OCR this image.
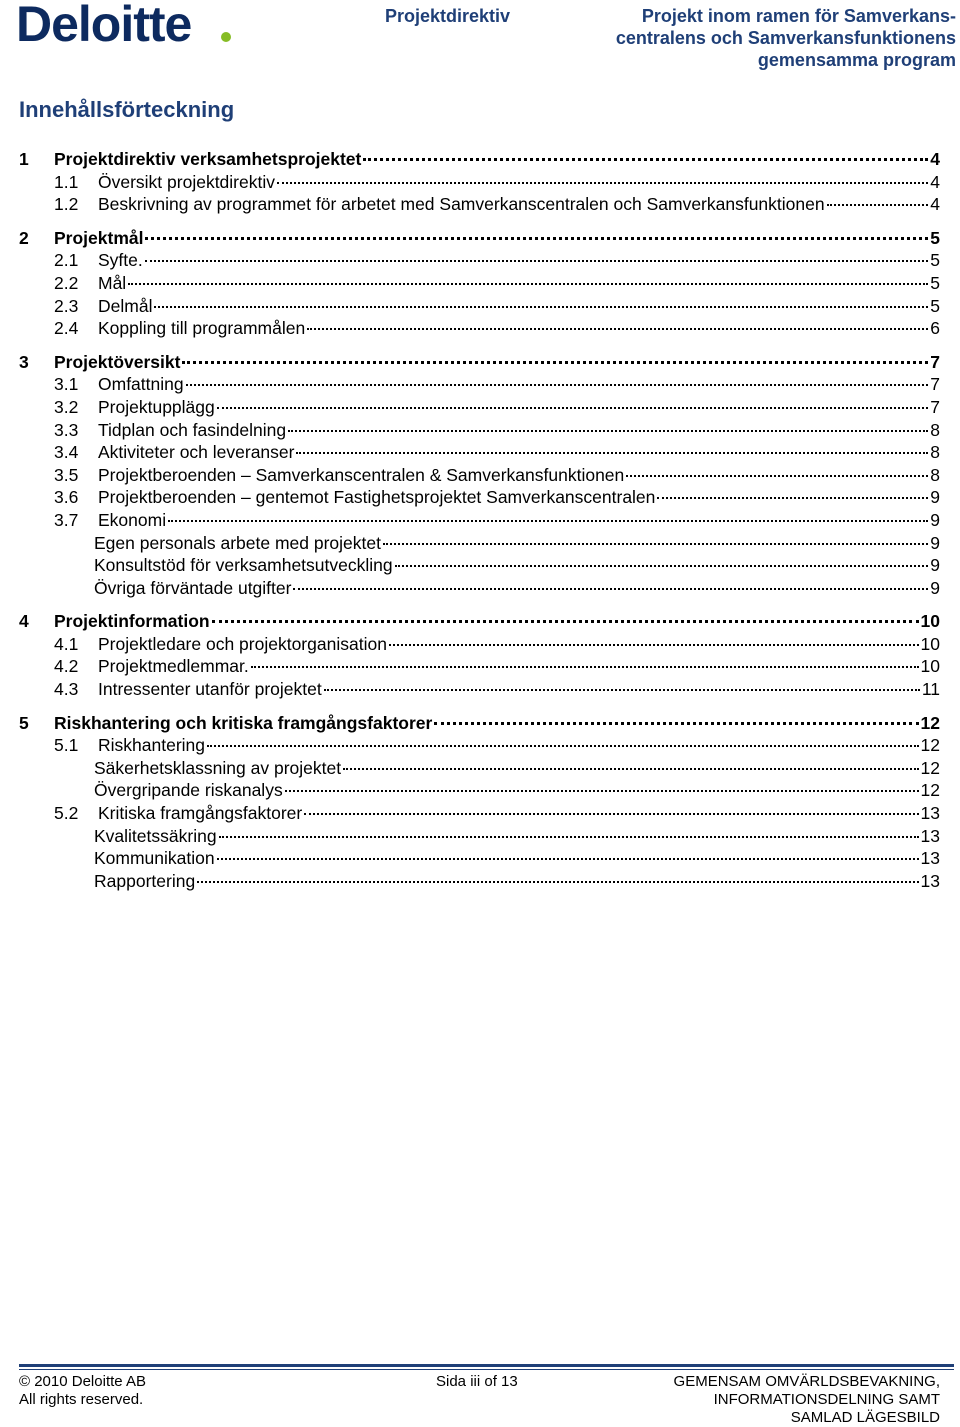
Deloitte	Projektdirektiv	Projekt inom ramen för Samverkans-
centralens och Samverkansfunktionens
gemensamma program
Innehållsförteckning
1	Projektdirektiv verksamhetsprojektet	4
1.1	Översikt projektdirektiv	4
1.2	Beskrivning av programmet för arbetet med Samverkanscentralen och Samverkansfunktionen	4
2	Projektmål	5
2.1	Syfte.	5
2.2	Mål	5
2.3	Delmål	5
2.4	Koppling till programmålen	6
3	Projektöversikt	7
3.1	Omfattning	7
3.2	Projektupplägg	7
3.3	Tidplan och fasindelning	8
3.4	Aktiviteter och leveranser	8
3.5	Projektberoenden – Samverkanscentralen & Samverkansfunktionen	8
3.6	Projektberoenden – gentemot Fastighetsprojektet Samverkanscentralen	9
3.7	Ekonomi	9
Egen personals arbete med projektet	9
Konsultstöd för verksamhetsutveckling	9
Övriga förväntade utgifter	9
4	Projektinformation	10
4.1	Projektledare och projektorganisation	10
4.2	Projektmedlemmar.	10
4.3	Intressenter utanför projektet	11
5	Riskhantering och kritiska framgångsfaktorer	12
5.1	Riskhantering	12
Säkerhetsklassning av projektet	12
Övergripande riskanalys	12
5.2	Kritiska framgångsfaktorer	13
Kvalitetssäkring	13
Kommunikation	13
Rapportering	13
© 2010 Deloitte AB
All rights reserved.
Sida iii of 13	GEMENSAM OMVÄRLDSBEVAKNING,
INFORMATIONSDELNING SAMT
SAMLAD LÄGESBILD
